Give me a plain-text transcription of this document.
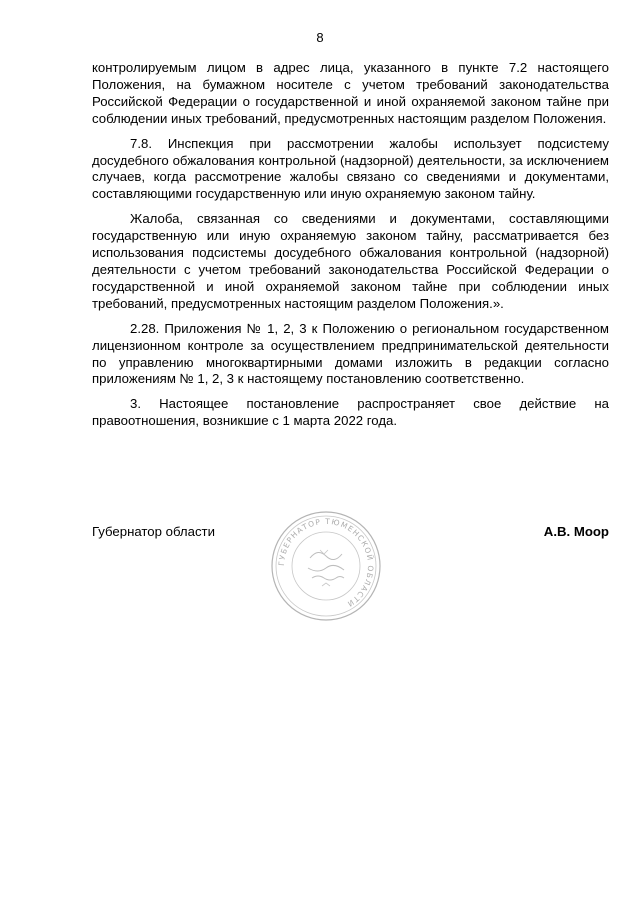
8

контролируемым лицом в адрес лица, указанного в пункте 7.2 настоящего Положения, на бумажном носителе с учетом требований законодательства Российской Федерации о государственной и иной охраняемой законом тайне при соблюдении иных требований, предусмотренных настоящим разделом Положения.

7.8. Инспекция при рассмотрении жалобы использует подсистему досудебного обжалования контрольной (надзорной) деятельности, за исключением случаев, когда рассмотрение жалобы связано со сведениями и документами, составляющими государственную или иную охраняемую законом тайну.

Жалоба, связанная со сведениями и документами, составляющими государственную или иную охраняемую законом тайну, рассматривается без использования подсистемы досудебного обжалования контрольной (надзорной) деятельности с учетом требований законодательства Российской Федерации о государственной и иной охраняемой законом тайне при соблюдении иных требований, предусмотренных настоящим разделом Положения.».

2.28. Приложения № 1, 2, 3 к Положению о региональном государственном лицензионном контроле за осуществлением предпринимательской деятельности по управлению многоквартирными домами изложить в редакции согласно приложениям № 1, 2, 3 к настоящему постановлению соответственно.

3. Настоящее постановление распространяет свое действие на правоотношения, возникшие с 1 марта 2022 года.

Губернатор области
ГУБЕРНАТОР ТЮМЕНСКОЙ ОБЛАСТИ
А.В. Моор
